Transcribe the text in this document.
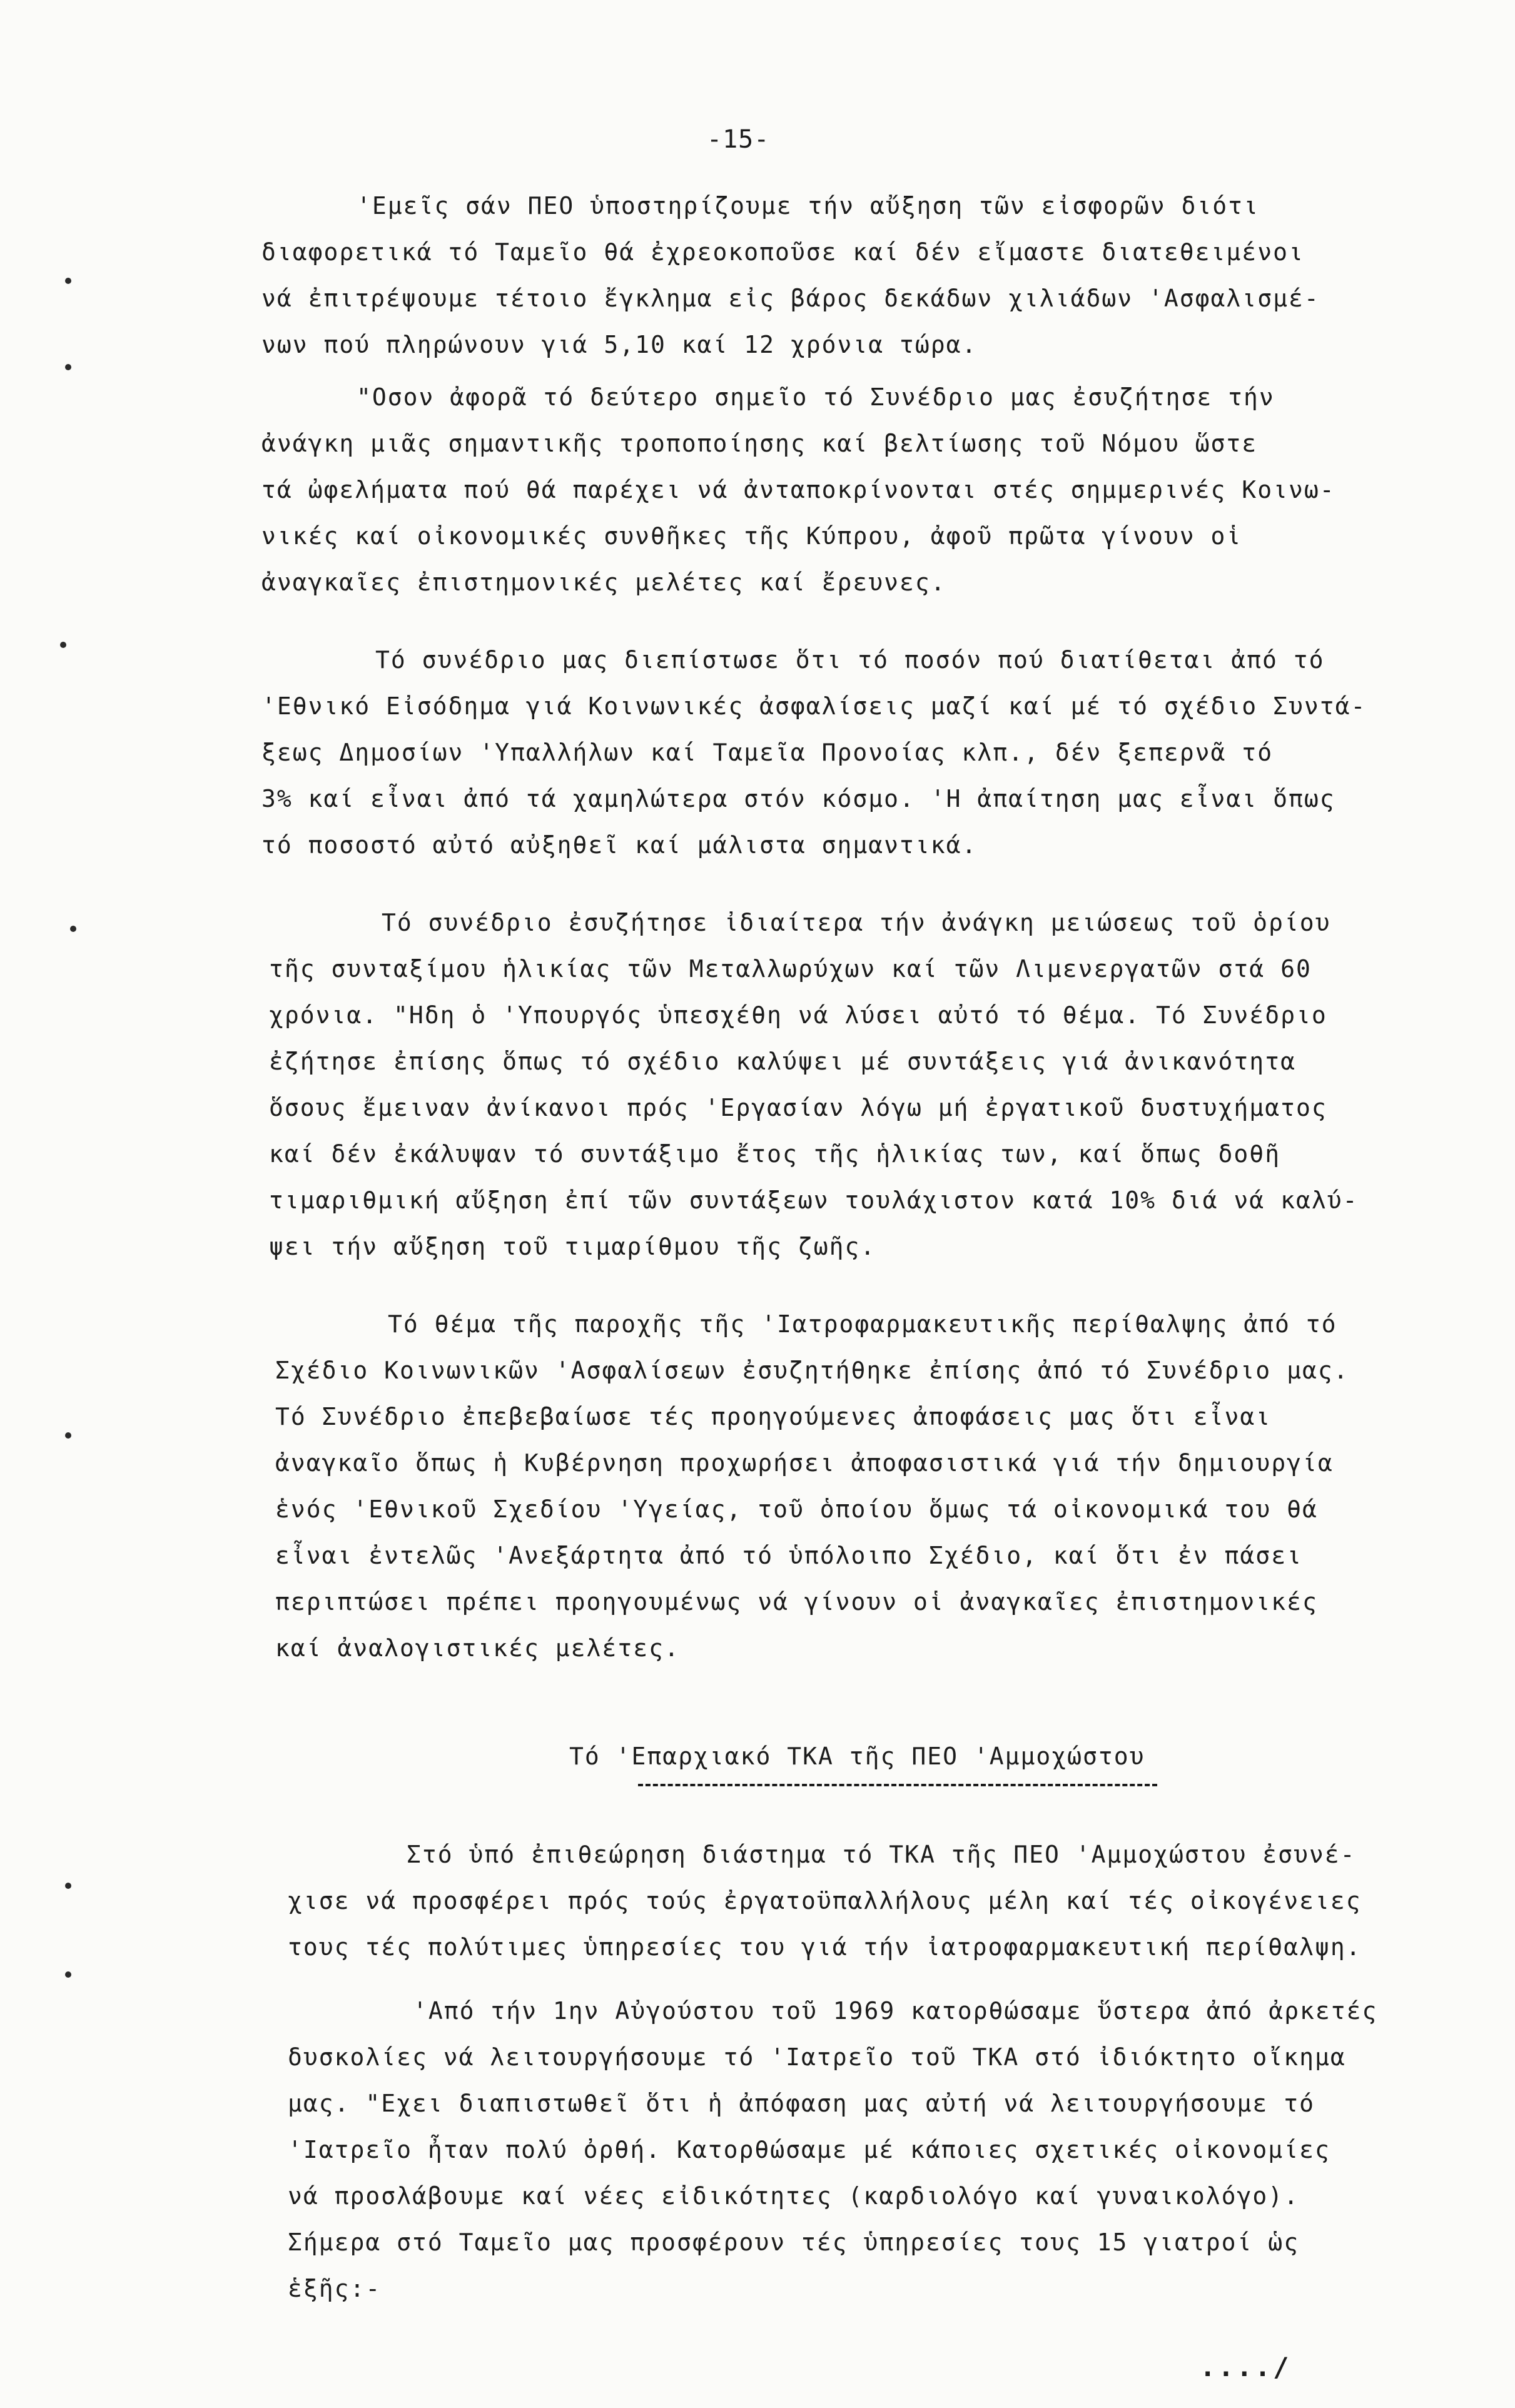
-15-
'Εμεῖς σάν ΠΕΟ ὑποστηρίζουμε τήν αὔξηση τῶν εἰσφορῶν διότι
διαφορετικά τό Ταμεῖο θά ἐχρεοκοποῦσε καί δέν εἴμαστε διατεθειμένοι
νά ἐπιτρέψουμε τέτοιο ἔγκλημα εἰς βάρος δεκάδων χιλιάδων 'Ασφαλισμέ-
νων πού πληρώνουν γιά 5,10 καί 12 χρόνια τώρα.
"Οσον ἀφορᾶ τό δεύτερο σημεῖο τό Συνέδριο μας ἐσυζήτησε τήν
ἀνάγκη μιᾶς σημαντικῆς τροποποίησης καί βελτίωσης τοῦ Νόμου ὥστε
τά ὠφελήματα πού θά παρέχει νά ἀνταποκρίνονται στές σημμερινές Κοινω-
νικές καί οἰκονομικές συνθῆκες τῆς Κύπρου, ἀφοῦ πρῶτα γίνουν οἱ
ἀναγκαῖες ἐπιστημονικές μελέτες καί ἔρευνες.
Τό συνέδριο μας διεπίστωσε ὅτι τό ποσόν πού διατίθεται ἀπό τό
'Εθνικό Εἰσόδημα γιά Κοινωνικές ἀσφαλίσεις μαζί καί μέ τό σχέδιο Συντά-
ξεως Δημοσίων 'Υπαλλήλων καί Ταμεῖα Προνοίας κλπ., δέν ξεπερνᾶ τό
3% καί εἶναι ἀπό τά χαμηλώτερα στόν κόσμο. 'Η ἀπαίτηση μας εἶναι ὅπως
τό ποσοστό αὐτό αὐξηθεῖ καί μάλιστα σημαντικά.
Τό συνέδριο ἐσυζήτησε ἰδιαίτερα τήν ἀνάγκη μειώσεως τοῦ ὁρίου
τῆς συνταξίμου ἡλικίας τῶν Μεταλλωρύχων καί τῶν Λιμενεργατῶν στά 60
χρόνια. "Ηδη ὁ 'Υπουργός ὑπεσχέθη νά λύσει αὐτό τό θέμα. Τό Συνέδριο
ἐζήτησε ἐπίσης ὅπως τό σχέδιο καλύψει μέ συντάξεις γιά ἀνικανότητα
ὅσους ἔμειναν ἀνίκανοι πρός 'Εργασίαν λόγω μή ἐργατικοῦ δυστυχήματος
καί δέν ἐκάλυψαν τό συντάξιμο ἔτος τῆς ἡλικίας των, καί ὅπως δοθῆ
τιμαριθμική αὔξηση ἐπί τῶν συντάξεων τουλάχιστον κατά 10% διά νά καλύ-
ψει τήν αὔξηση τοῦ τιμαρίθμου τῆς ζωῆς.
Τό θέμα τῆς παροχῆς τῆς 'Ιατροφαρμακευτικῆς περίθαλψης ἀπό τό
Σχέδιο Κοινωνικῶν 'Ασφαλίσεων ἐσυζητήθηκε ἐπίσης ἀπό τό Συνέδριο μας.
Τό Συνέδριο ἐπεβεβαίωσε τές προηγούμενες ἀποφάσεις μας ὅτι εἶναι
ἀναγκαῖο ὅπως ἡ Κυβέρνηση προχωρήσει ἀποφασιστικά γιά τήν δημιουργία
ἑνός 'Εθνικοῦ Σχεδίου 'Υγείας, τοῦ ὁποίου ὅμως τά οἰκονομικά του θά
εἶναι ἐντελῶς 'Ανεξάρτητα ἀπό τό ὑπόλοιπο Σχέδιο, καί ὅτι ἐν πάσει
περιπτώσει πρέπει προηγουμένως νά γίνουν οἱ ἀναγκαῖες ἐπιστημονικές
καί ἀναλογιστικές μελέτες.
Τό 'Επαρχιακό ΤΚΑ τῆς ΠΕΟ 'Αμμοχώστου
Στό ὑπό ἐπιθεώρηση διάστημα τό ΤΚΑ τῆς ΠΕΟ 'Αμμοχώστου ἐσυνέ-
χισε νά προσφέρει πρός τούς ἐργατοϋπαλλήλους μέλη καί τές οἰκογένειες
τους τές πολύτιμες ὑπηρεσίες του γιά τήν ἰατροφαρμακευτική περίθαλψη.
'Από τήν 1ην Αὐγούστου τοῦ 1969 κατορθώσαμε ὕστερα ἀπό ἀρκετές
δυσκολίες νά λειτουργήσουμε τό 'Ιατρεῖο τοῦ ΤΚΑ στό ἰδιόκτητο οἴκημα
μας. "Εχει διαπιστωθεῖ ὅτι ἡ ἀπόφαση μας αὐτή νά λειτουργήσουμε τό
'Ιατρεῖο ἦταν πολύ ὀρθή. Κατορθώσαμε μέ κάποιες σχετικές οἰκονομίες
νά προσλάβουμε καί νέες εἰδικότητες (καρδιολόγο καί γυναικολόγο).
Σήμερα στό Ταμεῖο μας προσφέρουν τές ὑπηρεσίες τους 15 γιατροί ὡς
ἑξῆς:-
..../
